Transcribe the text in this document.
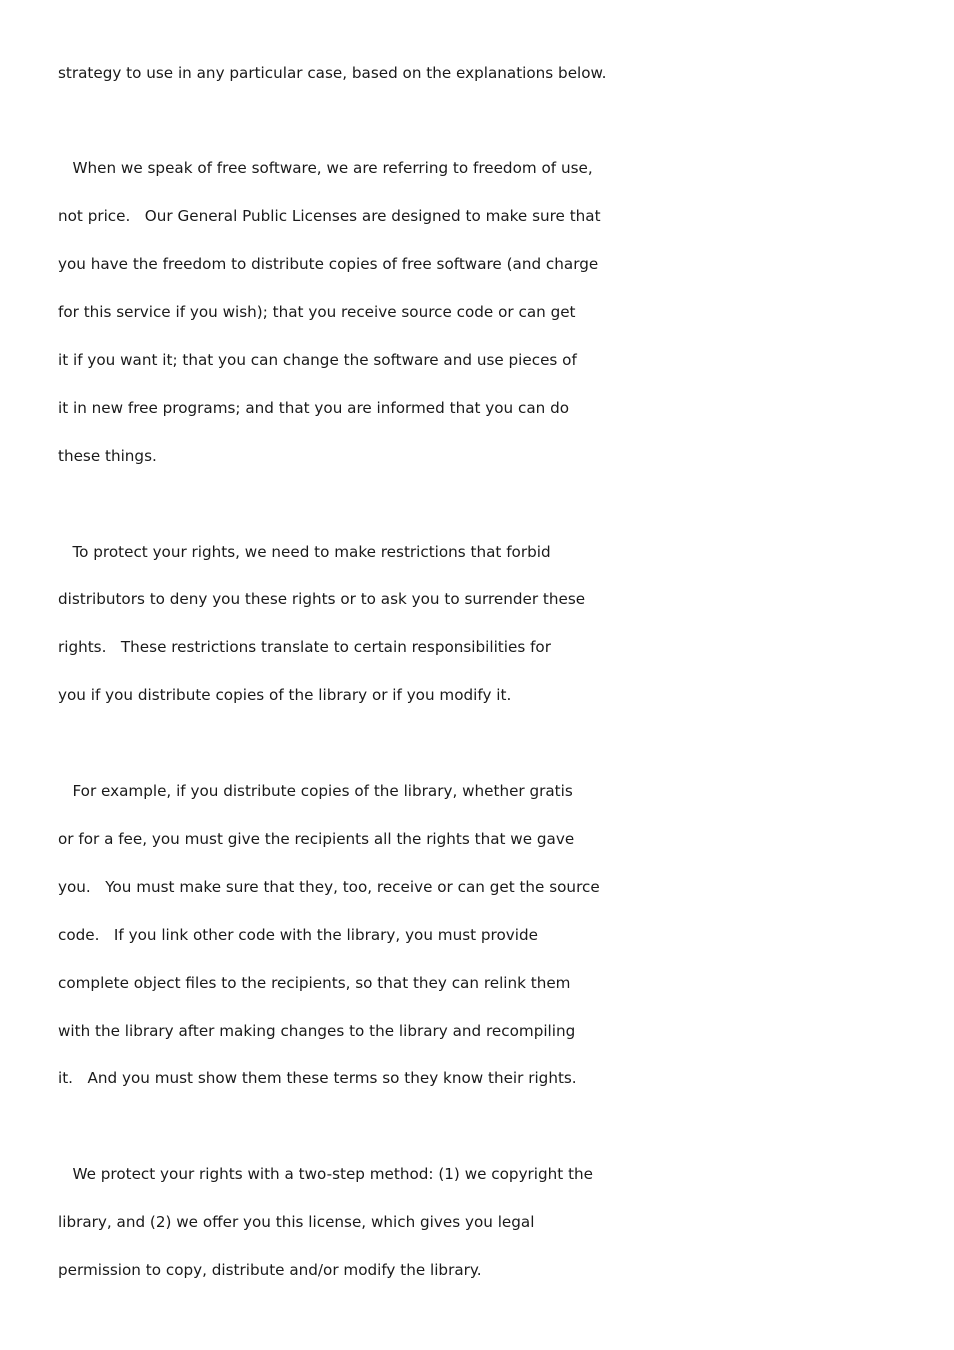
strategy to use in any particular case, based on the explanations below.
When we speak of free software, we are referring to freedom of use,
not price.   Our General Public Licenses are designed to make sure that
you have the freedom to distribute copies of free software (and charge
for this service if you wish); that you receive source code or can get
it if you want it; that you can change the software and use pieces of
it in new free programs; and that you are informed that you can do
these things.
To protect your rights, we need to make restrictions that forbid
distributors to deny you these rights or to ask you to surrender these
rights.   These restrictions translate to certain responsibilities for
you if you distribute copies of the library or if you modify it.
For example, if you distribute copies of the library, whether gratis
or for a fee, you must give the recipients all the rights that we gave
you.   You must make sure that they, too, receive or can get the source
code.   If you link other code with the library, you must provide
complete object files to the recipients, so that they can relink them
with the library after making changes to the library and recompiling
it.   And you must show them these terms so they know their rights.
We protect your rights with a two-step method: (1) we copyright the
library, and (2) we offer you this license, which gives you legal
permission to copy, distribute and/or modify the library.
